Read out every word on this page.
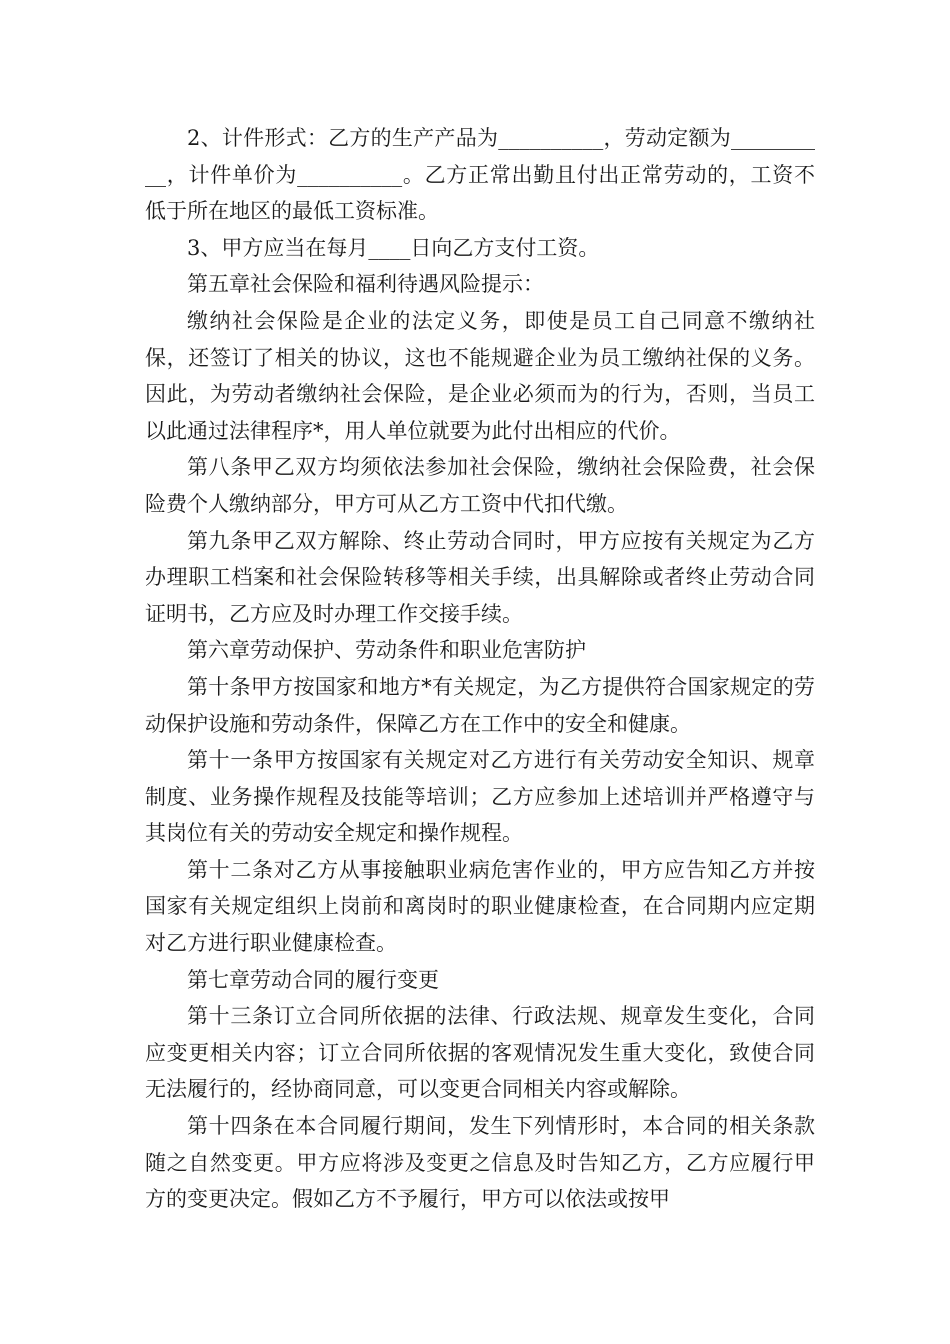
2、计件形式：乙方的生产产品为__________，劳动定额为__________，计件单价为__________。乙方正常出勤且付出正常劳动的，工资不低于所在地区的最低工资标准。

3、甲方应当在每月____日向乙方支付工资。

第五章社会保险和福利待遇风险提示：

缴纳社会保险是企业的法定义务，即使是员工自己同意不缴纳社保，还签订了相关的协议，这也不能规避企业为员工缴纳社保的义务。因此，为劳动者缴纳社会保险，是企业必须而为的行为，否则，当员工以此通过法律程序*，用人单位就要为此付出相应的代价。

第八条甲乙双方均须依法参加社会保险，缴纳社会保险费，社会保险费个人缴纳部分，甲方可从乙方工资中代扣代缴。

第九条甲乙双方解除、终止劳动合同时，甲方应按有关规定为乙方办理职工档案和社会保险转移等相关手续，出具解除或者终止劳动合同证明书，乙方应及时办理工作交接手续。

第六章劳动保护、劳动条件和职业危害防护

第十条甲方按国家和地方*有关规定，为乙方提供符合国家规定的劳动保护设施和劳动条件，保障乙方在工作中的安全和健康。

第十一条甲方按国家有关规定对乙方进行有关劳动安全知识、规章制度、业务操作规程及技能等培训；乙方应参加上述培训并严格遵守与其岗位有关的劳动安全规定和操作规程。

第十二条对乙方从事接触职业病危害作业的，甲方应告知乙方并按国家有关规定组织上岗前和离岗时的职业健康检查，在合同期内应定期对乙方进行职业健康检查。

第七章劳动合同的履行变更

第十三条订立合同所依据的法律、行政法规、规章发生变化，合同应变更相关内容；订立合同所依据的客观情况发生重大变化，致使合同无法履行的，经协商同意，可以变更合同相关内容或解除。

第十四条在本合同履行期间，发生下列情形时，本合同的相关条款随之自然变更。甲方应将涉及变更之信息及时告知乙方，乙方应履行甲方的变更决定。假如乙方不予履行，甲方可以依法或按甲
